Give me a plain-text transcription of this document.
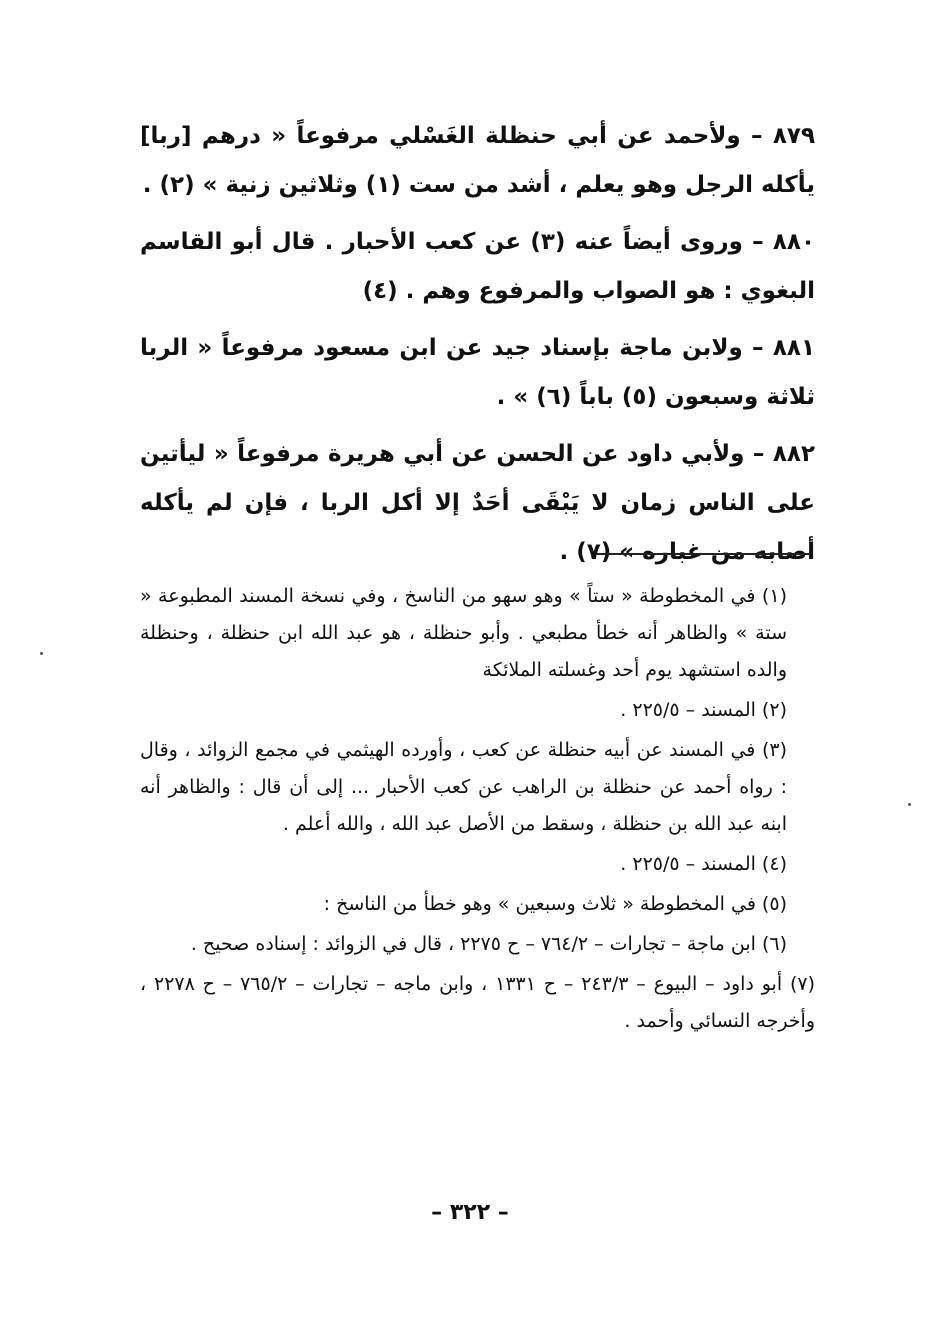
٨٧٩ – ولأحمد عن أبي حنظلة الغَسْلي مرفوعاً « درهم [ربا] يأكله الرجل وهو يعلم ، أشد من ست (١) وثلاثين زنية » (٢) .

٨٨٠ – وروى أيضاً عنه (٣) عن كعب الأحبار . قال أبو القاسم البغوي : هو الصواب والمرفوع وهم . (٤)

٨٨١ – ولابن ماجة بإسناد جيد عن ابن مسعود مرفوعاً « الربا ثلاثة وسبعون (٥) باباً (٦) » .

٨٨٢ – ولأبي داود عن الحسن عن أبي هريرة مرفوعاً « ليأتين على الناس زمان لا يَبْقَى أحَدٌ إلا أكل الربا ، فإن لم يأكله أصابه من غباره » (٧) .

(١) في المخطوطة « ستاً » وهو سهو من الناسخ ، وفي نسخة المسند المطبوعة « ستة » والظاهر أنه خطأ مطبعي . وأبو حنظلة ، هو عبد الله ابن حنظلة ، وحنظلة والده استشهد يوم أحد وغسلته الملائكة

(٢) المسند – ٢٢٥/٥ .

(٣) في المسند عن أبيه حنظلة عن كعب ، وأورده الهيثمي في مجمع الزوائد ، وقال : رواه أحمد عن حنظلة بن الراهب عن كعب الأحبار ... إلى أن قال : والظاهر أنه ابنه عبد الله بن حنظلة ، وسقط من الأصل عبد الله ، والله أعلم .

(٤) المسند – ٢٢٥/٥ .

(٥) في المخطوطة « ثلاث وسبعين » وهو خطأ من الناسخ :

(٦) ابن ماجة – تجارات – ٧٦٤/٢ – ح ٢٢٧٥ ، قال في الزوائد : إسناده صحيح .

(٧) أبو داود – البيوع – ٢٤٣/٣ – ح ١٣٣١ ، وابن ماجه – تجارات – ٧٦٥/٢ – ح ٢٢٧٨ ، وأخرجه النسائي وأحمد .

– ٣٢٢ –
